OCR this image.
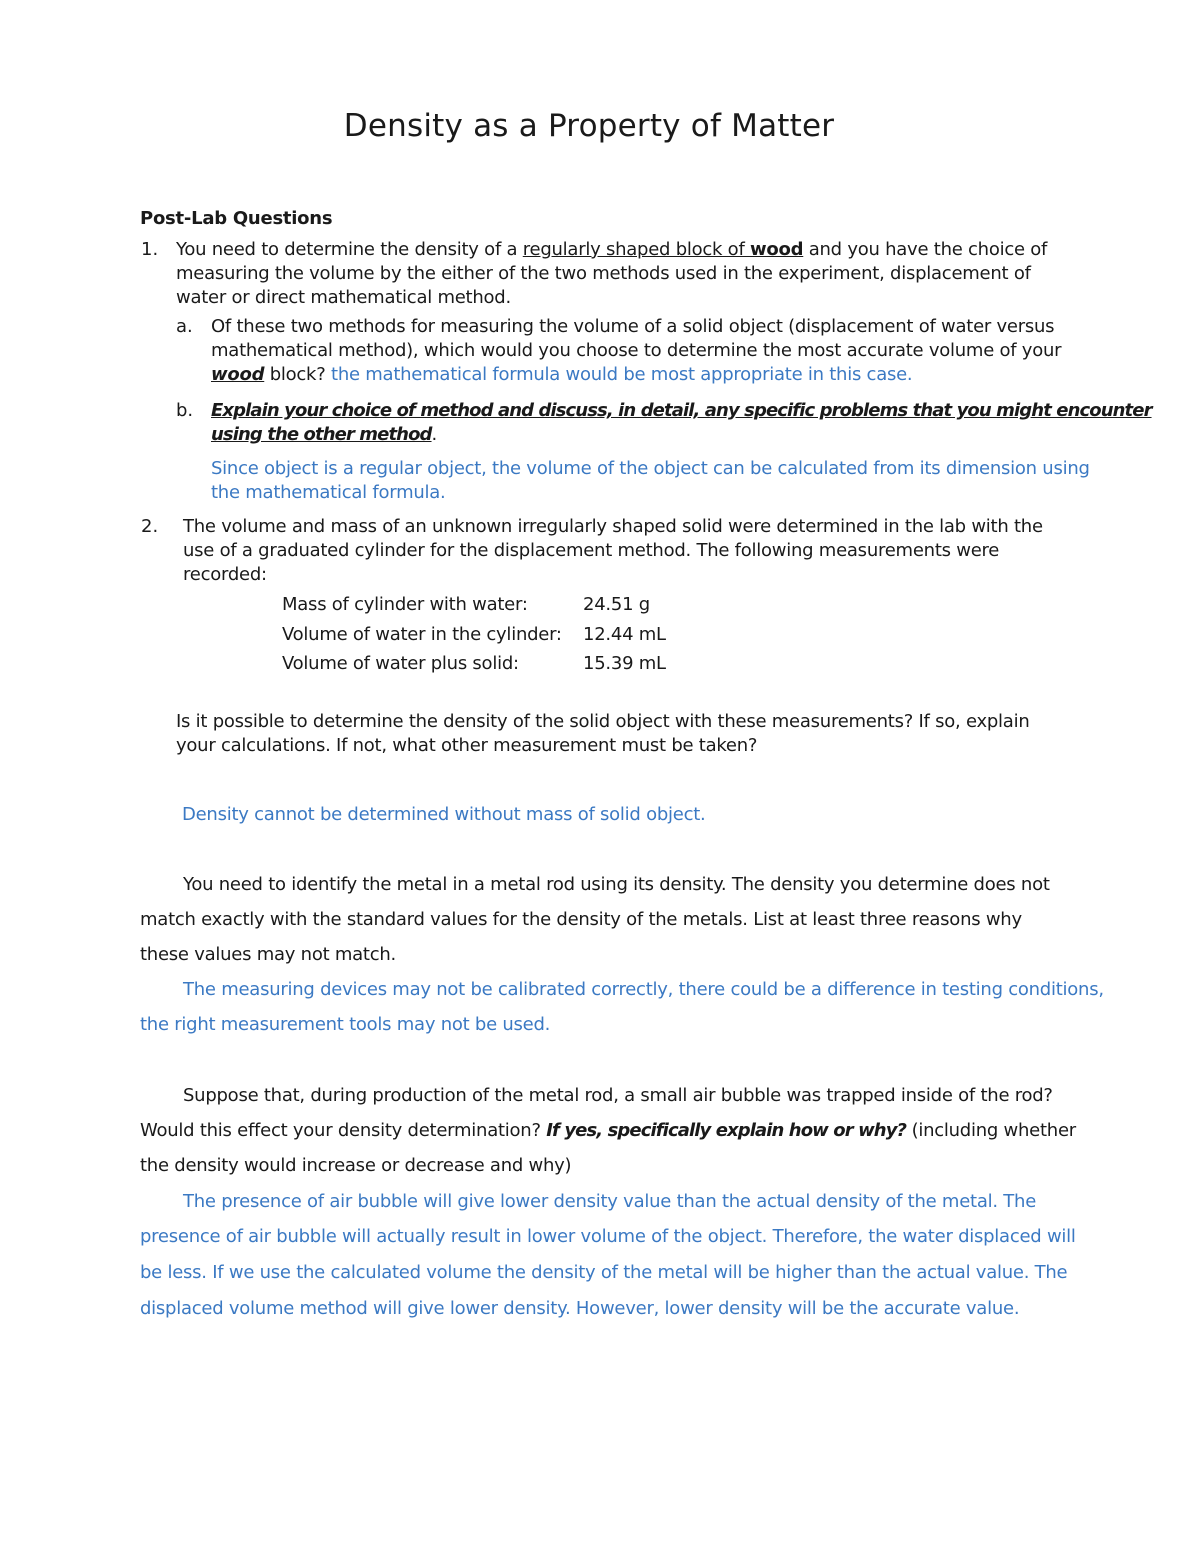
Density as a Property of Matter
Post-Lab Questions
1. You need to determine the density of a regularly shaped block of wood and you have the choice of
measuring the volume by the either of the two methods used in the experiment, displacement of
water or direct mathematical method.
a. Of these two methods for measuring the volume of a solid object (displacement of water versus
mathematical method), which would you choose to determine the most accurate volume of your
wood block? the mathematical formula would be most appropriate in this case.
b. Explain your choice of method and discuss, in detail, any specific problems that you might encounter
using the other method.
Since object is a regular object, the volume of the object can be calculated from its dimension using
the mathematical formula.
2. The volume and mass of an unknown irregularly shaped solid were determined in the lab with the
use of a graduated cylinder for the displacement method. The following measurements were
recorded:
Mass of cylinder with water:	24.51 g
Volume of water in the cylinder: 12.44 mL
Volume of water plus solid:	15.39 mL
Is it possible to determine the density of the solid object with these measurements? If so, explain
your calculations. If not, what other measurement must be taken?
Density cannot be determined without mass of solid object.
You need to identify the metal in a metal rod using its density. The density you determine does not
match exactly with the standard values for the density of the metals. List at least three reasons why
these values may not match.
The measuring devices may not be calibrated correctly, there could be a difference in testing conditions,
the right measurement tools may not be used.
Suppose that, during production of the metal rod, a small air bubble was trapped inside of the rod?
Would this effect your density determination? If yes, specifically explain how or why? (including whether
the density would increase or decrease and why)
The presence of air bubble will give lower density value than the actual density of the metal. The
presence of air bubble will actually result in lower volume of the object. Therefore, the water displaced will
be less. If we use the calculated volume the density of the metal will be higher than the actual value. The
displaced volume method will give lower density. However, lower density will be the accurate value.
